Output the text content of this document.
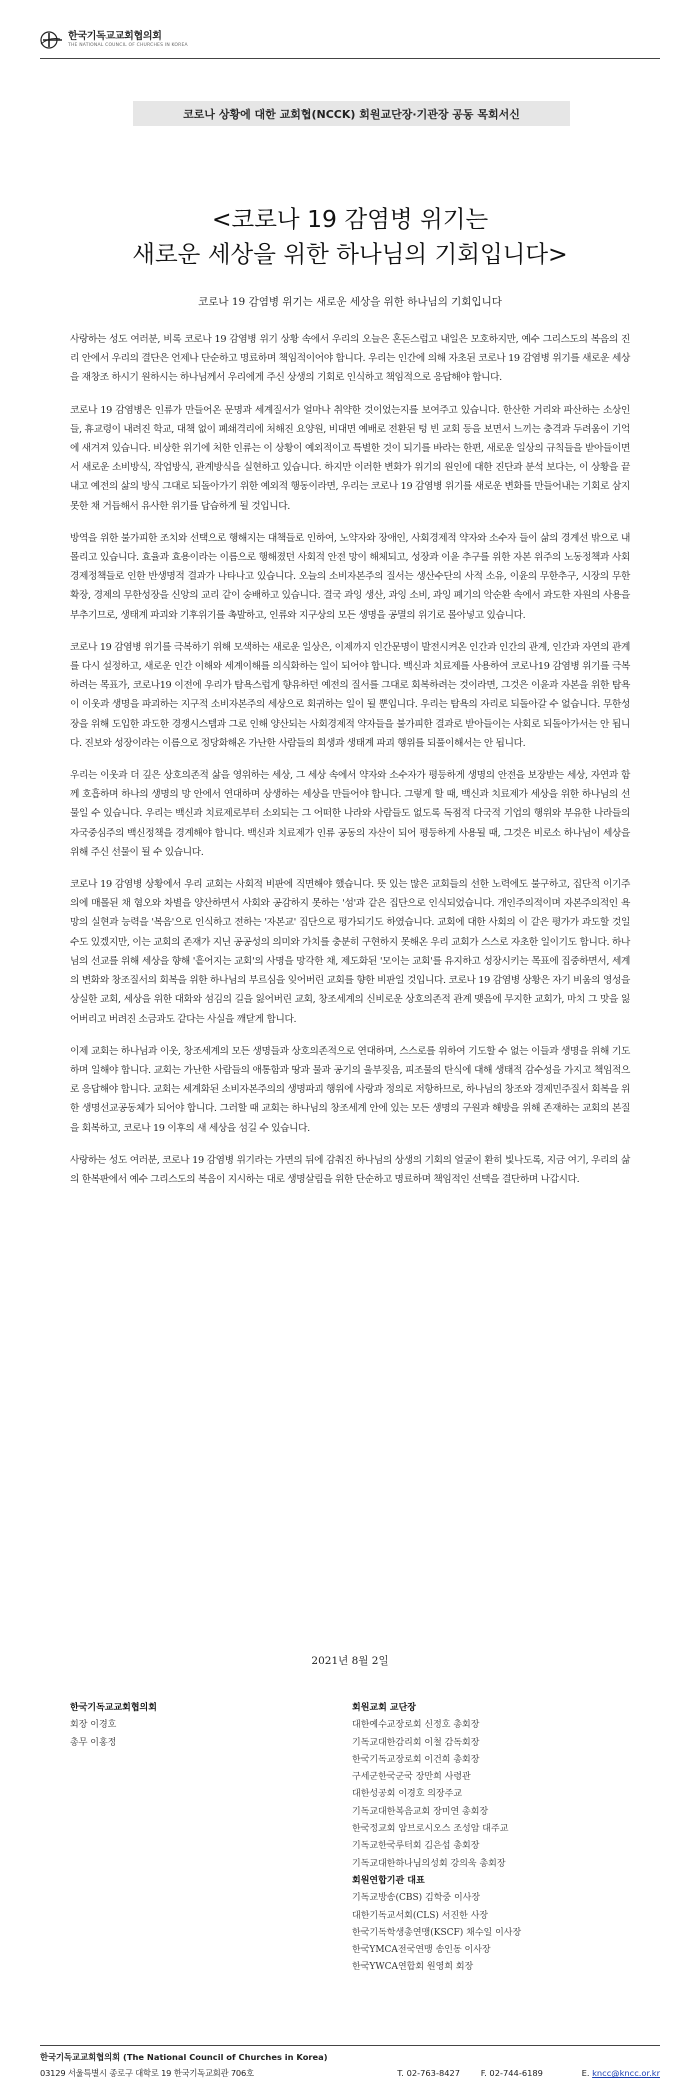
한국기독교교회협의회
THE NATIONAL COUNCIL OF CHURCHES IN KOREA
코로나 상황에 대한 교회협(NCCK) 회원교단장·기관장 공동 목회서신
<코로나 19 감염병 위기는
새로운 세상을 위한 하나님의 기회입니다>
코로나 19 감염병 위기는 새로운 세상을 위한 하나님의 기회입니다

사랑하는 성도 여러분, 비록 코로나 19 감염병 위기 상황 속에서 우리의 오늘은 혼돈스럽고 내일은 모호하지만, 예수 그리스도의 복음의 진리 안에서 우리의 결단은 언제나 단순하고 명료하며 책임적이어야 합니다. 우리는 인간에 의해 자초된 코로나 19 감염병 위기를 새로운 세상을 재창조 하시기 원하시는 하나님께서 우리에게 주신 상생의 기회로 인식하고 책임적으로 응답해야 합니다.

코로나 19 감염병은 인류가 만들어온 문명과 세계질서가 얼마나 취약한 것이었는지를 보여주고 있습니다. 한산한 거리와 파산하는 소상인들, 휴교령이 내려진 학교, 대책 없이 폐쇄격리에 처해진 요양원, 비대면 예배로 전환된 텅 빈 교회 등을 보면서 느끼는 충격과 두려움이 기억에 새겨져 있습니다. 비상한 위기에 처한 인류는 이 상황이 예외적이고 특별한 것이 되기를 바라는 한편, 새로운 일상의 규칙들을 받아들이면서 새로운 소비방식, 작업방식, 관계방식을 실현하고 있습니다. 하지만 이러한 변화가 위기의 원인에 대한 진단과 분석 보다는, 이 상황을 끝내고 예전의 삶의 방식 그대로 되돌아가기 위한 예외적 행동이라면, 우리는 코로나 19 감염병 위기를 새로운 변화를 만들어내는 기회로 삼지 못한 채 거듭해서 유사한 위기를 답습하게 될 것입니다.

방역을 위한 불가피한 조치와 선택으로 행해지는 대책들로 인하여, 노약자와 장애인, 사회경제적 약자와 소수자 들이 삶의 경계선 밖으로 내몰리고 있습니다. 효율과 효용이라는 이름으로 행해졌던 사회적 안전 망이 해체되고, 성장과 이윤 추구를 위한 자본 위주의 노동정책과 사회경제정책들로 인한 반생명적 결과가 나타나고 있습니다. 오늘의 소비자본주의 질서는 생산수단의 사적 소유, 이윤의 무한추구, 시장의 무한확장, 경제의 무한성장을 신앙의 교리 같이 숭배하고 있습니다. 결국 과잉 생산, 과잉 소비, 과잉 폐기의 악순환 속에서 과도한 자원의 사용을 부추기므로, 생태계 파괴와 기후위기를 촉발하고, 인류와 지구상의 모든 생명을 공멸의 위기로 몰아넣고 있습니다.

코로나 19 감염병 위기를 극복하기 위해 모색하는 새로운 일상은, 이제까지 인간문명이 발전시켜온 인간과 인간의 관계, 인간과 자연의 관계를 다시 설정하고, 새로운 인간 이해와 세계이해를 의식화하는 일이 되어야 합니다. 백신과 치료제를 사용하여 코로나19 감염병 위기를 극복하려는 목표가, 코로나19 이전에 우리가 탐욕스럽게 향유하던 예전의 질서를 그대로 회복하려는 것이라면, 그것은 이윤과 자본을 위한 탐욕이 이웃과 생명을 파괴하는 지구적 소비자본주의 세상으로 회귀하는 일이 될 뿐입니다. 우리는 탐욕의 자리로 되돌아갈 수 없습니다. 무한성장을 위해 도입한 과도한 경쟁시스템과 그로 인해 양산되는 사회경제적 약자들을 불가피한 결과로 받아들이는 사회로 되돌아가서는 안 됩니다. 진보와 성장이라는 이름으로 정당화해온 가난한 사람들의 희생과 생태계 파괴 행위를 되풀이해서는 안 됩니다.

우리는 이웃과 더 깊은 상호의존적 삶을 영위하는 세상, 그 세상 속에서 약자와 소수자가 평등하게 생명의 안전을 보장받는 세상, 자연과 함께 호흡하며 하나의 생명의 망 안에서 연대하며 상생하는 세상을 만들어야 합니다. 그렇게 할 때, 백신과 치료제가 세상을 위한 하나님의 선물일 수 있습니다. 우리는 백신과 치료제로부터 소외되는 그 어떠한 나라와 사람들도 없도록 독점적 다국적 기업의 행위와 부유한 나라들의 자국중심주의 백신정책을 경계해야 합니다. 백신과 치료제가 인류 공동의 자산이 되어 평등하게 사용될 때, 그것은 비로소 하나님이 세상을 위해 주신 선물이 될 수 있습니다.

코로나 19 감염병 상황에서 우리 교회는 사회적 비판에 직면해야 했습니다. 뜻 있는 많은 교회들의 선한 노력에도 불구하고, 집단적 이기주의에 매몰된 채 혐오와 차별을 양산하면서 사회와 공감하지 못하는 '섬'과 같은 집단으로 인식되었습니다. 개인주의적이며 자본주의적인 욕망의 실현과 능력을 '복음'으로 인식하고 전하는 '자본교' 집단으로 평가되기도 하였습니다. 교회에 대한 사회의 이 같은 평가가 과도할 것일 수도 있겠지만, 이는 교회의 존재가 지닌 공공성의 의미와 가치를 충분히 구현하지 못해온 우리 교회가 스스로 자초한 일이기도 합니다. 하나님의 선교를 위해 세상을 향해 '흩어지는 교회'의 사명을 망각한 채, 제도화된 '모이는 교회'를 유지하고 성장시키는 목표에 집중하면서, 세계의 변화와 창조질서의 회복을 위한 하나님의 부르심을 잊어버린 교회를 향한 비판일 것입니다. 코로나 19 감염병 상황은 자기 비움의 영성을 상실한 교회, 세상을 위한 대화와 섬김의 길을 잃어버린 교회, 창조세계의 신비로운 상호의존적 관계 맺음에 무지한 교회가, 마치 그 맛을 잃어버리고 버려진 소금과도 같다는 사실을 깨닫게 합니다.

이제 교회는 하나님과 이웃, 창조세계의 모든 생명들과 상호의존적으로 연대하며, 스스로를 위하여 기도할 수 없는 이들과 생명을 위해 기도하며 일해야 합니다. 교회는 가난한 사람들의 애통함과 땅과 물과 공기의 울부짖음, 피조물의 탄식에 대해 생태적 감수성을 가지고 책임적으로 응답해야 합니다. 교회는 세계화된 소비자본주의의 생명파괴 행위에 사랑과 정의로 저항하므로, 하나님의 창조와 경제민주질서 회복을 위한 생명선교공동체가 되어야 합니다. 그러할 때 교회는 하나님의 창조세계 안에 있는 모든 생명의 구원과 해방을 위해 존재하는 교회의 본질을 회복하고, 코로나 19 이후의 새 세상을 섬길 수 있습니다.

사랑하는 성도 여러분, 코로나 19 감염병 위기라는 가면의 뒤에 감춰진 하나님의 상생의 기회의 얼굴이 환히 빛나도록, 지금 여기, 우리의 삶의 한복판에서 예수 그리스도의 복음이 지시하는 대로 생명살림을 위한 단순하고 명료하며 책임적인 선택을 결단하며 나갑시다.

2021년 8월 2일
한국기독교교회협의회
회장 이경호
총무 이홍정
회원교회 교단장
대한예수교장로회 신정호 총회장
기독교대한감리회 이철 감독회장
한국기독교장로회 이건희 총회장
구세군한국군국 장만희 사령관
대한성공회 이경호 의장주교
기독교대한복음교회 장미연 총회장
한국정교회 암브로시오스 조성암 대주교
기독교한국루터회 김은섭 총회장
기독교대한하나님의성회 강의욱 총회장
회원연합기관 대표
기독교방송(CBS) 김학중 이사장
대한기독교서회(CLS) 서진한 사장
한국기독학생총연맹(KSCF) 채수일 이사장
한국YMCA전국연맹 송인동 이사장
한국YWCA연합회 원영희 회장
한국기독교교회협의회 (The National Council of Churches in Korea)
03129 서울특별시 종로구 대학로 19 한국기독교회관 706호	T. 02-763-8427 F. 02-744-6189	E. kncc@kncc.or.kr
